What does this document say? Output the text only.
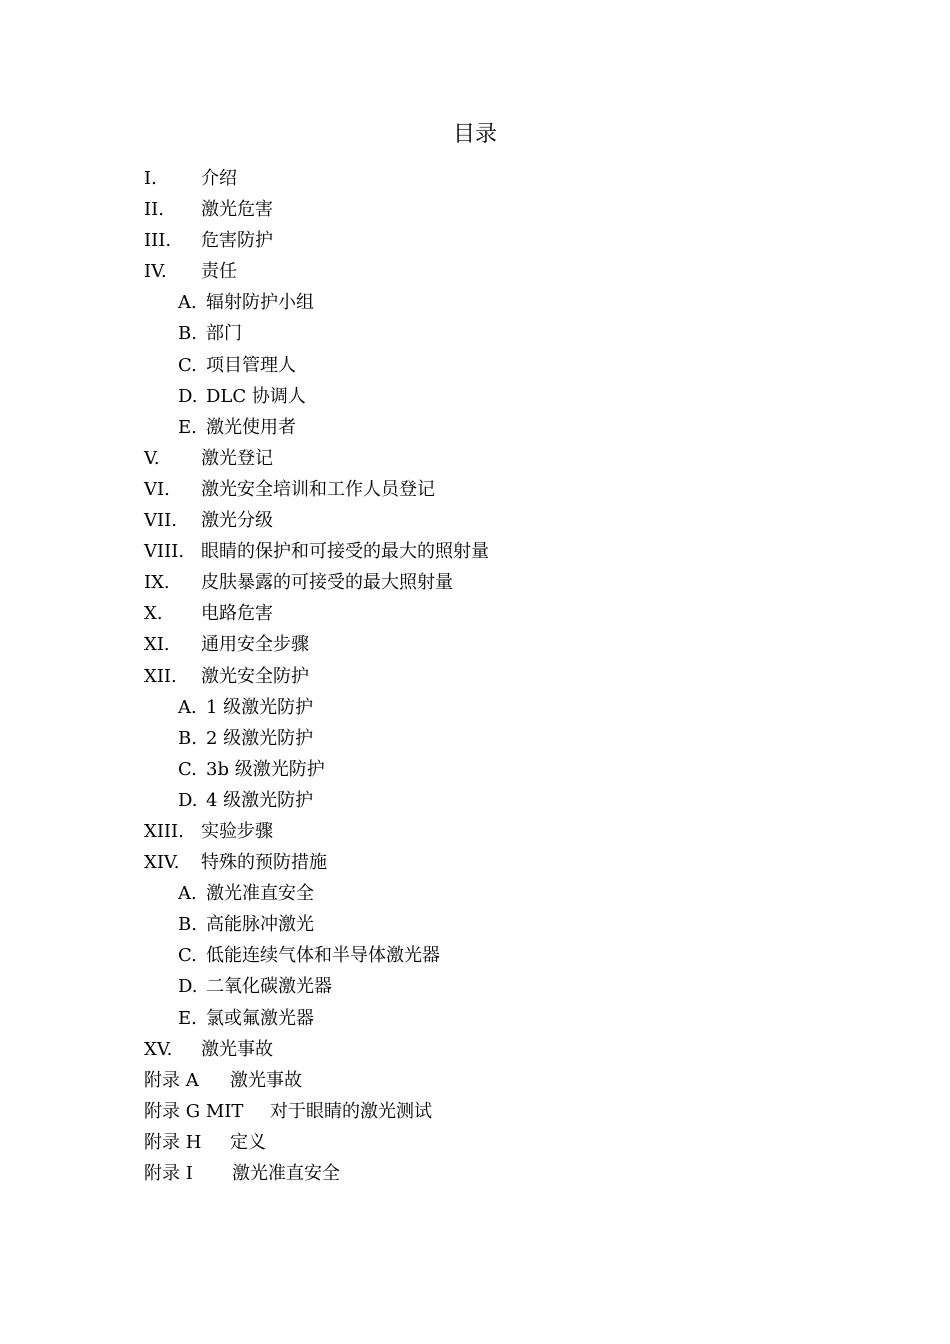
目录
I. 介绍
II. 激光危害
III. 危害防护
IV. 责任
A. 辐射防护小组
B. 部门
C. 项目管理人
D. DLC 协调人
E. 激光使用者
V. 激光登记
VI. 激光安全培训和工作人员登记
VII. 激光分级
VIII. 眼睛的保护和可接受的最大的照射量
IX. 皮肤暴露的可接受的最大照射量
X. 电路危害
XI. 通用安全步骤
XII. 激光安全防护
A. 1 级激光防护
B. 2 级激光防护
C. 3b 级激光防护
D. 4 级激光防护
XIII. 实验步骤
XIV. 特殊的预防措施
A. 激光准直安全
B. 高能脉冲激光
C. 低能连续气体和半导体激光器
D. 二氧化碳激光器
E. 氯或氟激光器
XV. 激光事故
附录 A 激光事故
附录 G MIT 对于眼睛的激光测试
附录 H 定义
附录 I 激光准直安全
